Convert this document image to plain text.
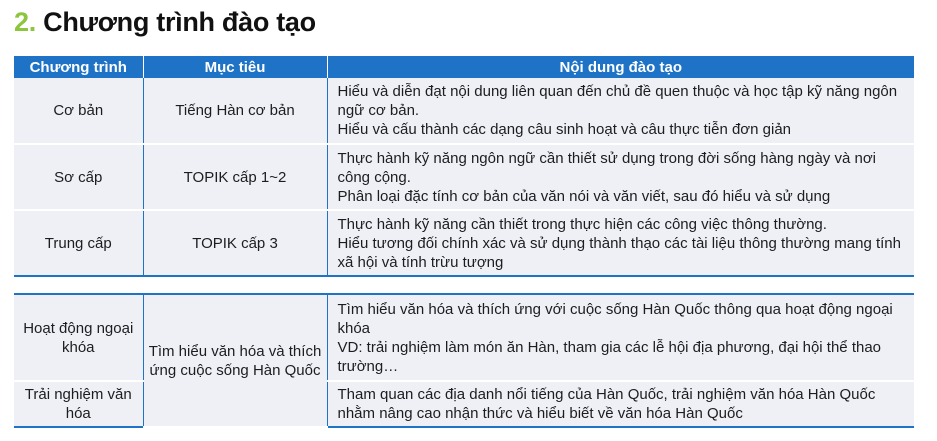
2. Chương trình đào tạo
Chương trình	Mục tiêu	Nội dung đào tạo
Cơ bản	Tiếng Hàn cơ bản	Hiểu và diễn đạt nội dung liên quan đến chủ đề quen thuộc và học tập kỹ năng ngôn ngữ cơ bản.
Hiểu và cấu thành các dạng câu sinh hoạt và câu thực tiễn đơn giản

Sơ cấp	TOPIK cấp 1~2	Thực hành kỹ năng ngôn ngữ cần thiết sử dụng trong đời sống hàng ngày và nơi công cộng.
Phân loại đặc tính cơ bản của văn nói và văn viết, sau đó hiểu và sử dụng

Trung cấp	TOPIK cấp 3	Thực hành kỹ năng cần thiết trong thực hiện các công việc thông thường.
Hiểu tương đối chính xác và sử dụng thành thạo các tài liệu thông thường mang tính xã hội và tính trừu tượng
Hoạt động ngoại khóa	Tìm hiểu văn hóa và thích ứng cuộc sống Hàn Quốc	Tìm hiểu văn hóa và thích ứng với cuộc sống Hàn Quốc thông qua hoạt động ngoại khóa
VD: trải nghiệm làm món ăn Hàn, tham gia các lễ hội địa phương, đại hội thể thao trường…

Trải nghiệm văn hóa		Tham quan các địa danh nổi tiếng của Hàn Quốc, trải nghiệm văn hóa Hàn Quốc nhằm nâng cao nhận thức và hiểu biết về văn hóa Hàn Quốc
